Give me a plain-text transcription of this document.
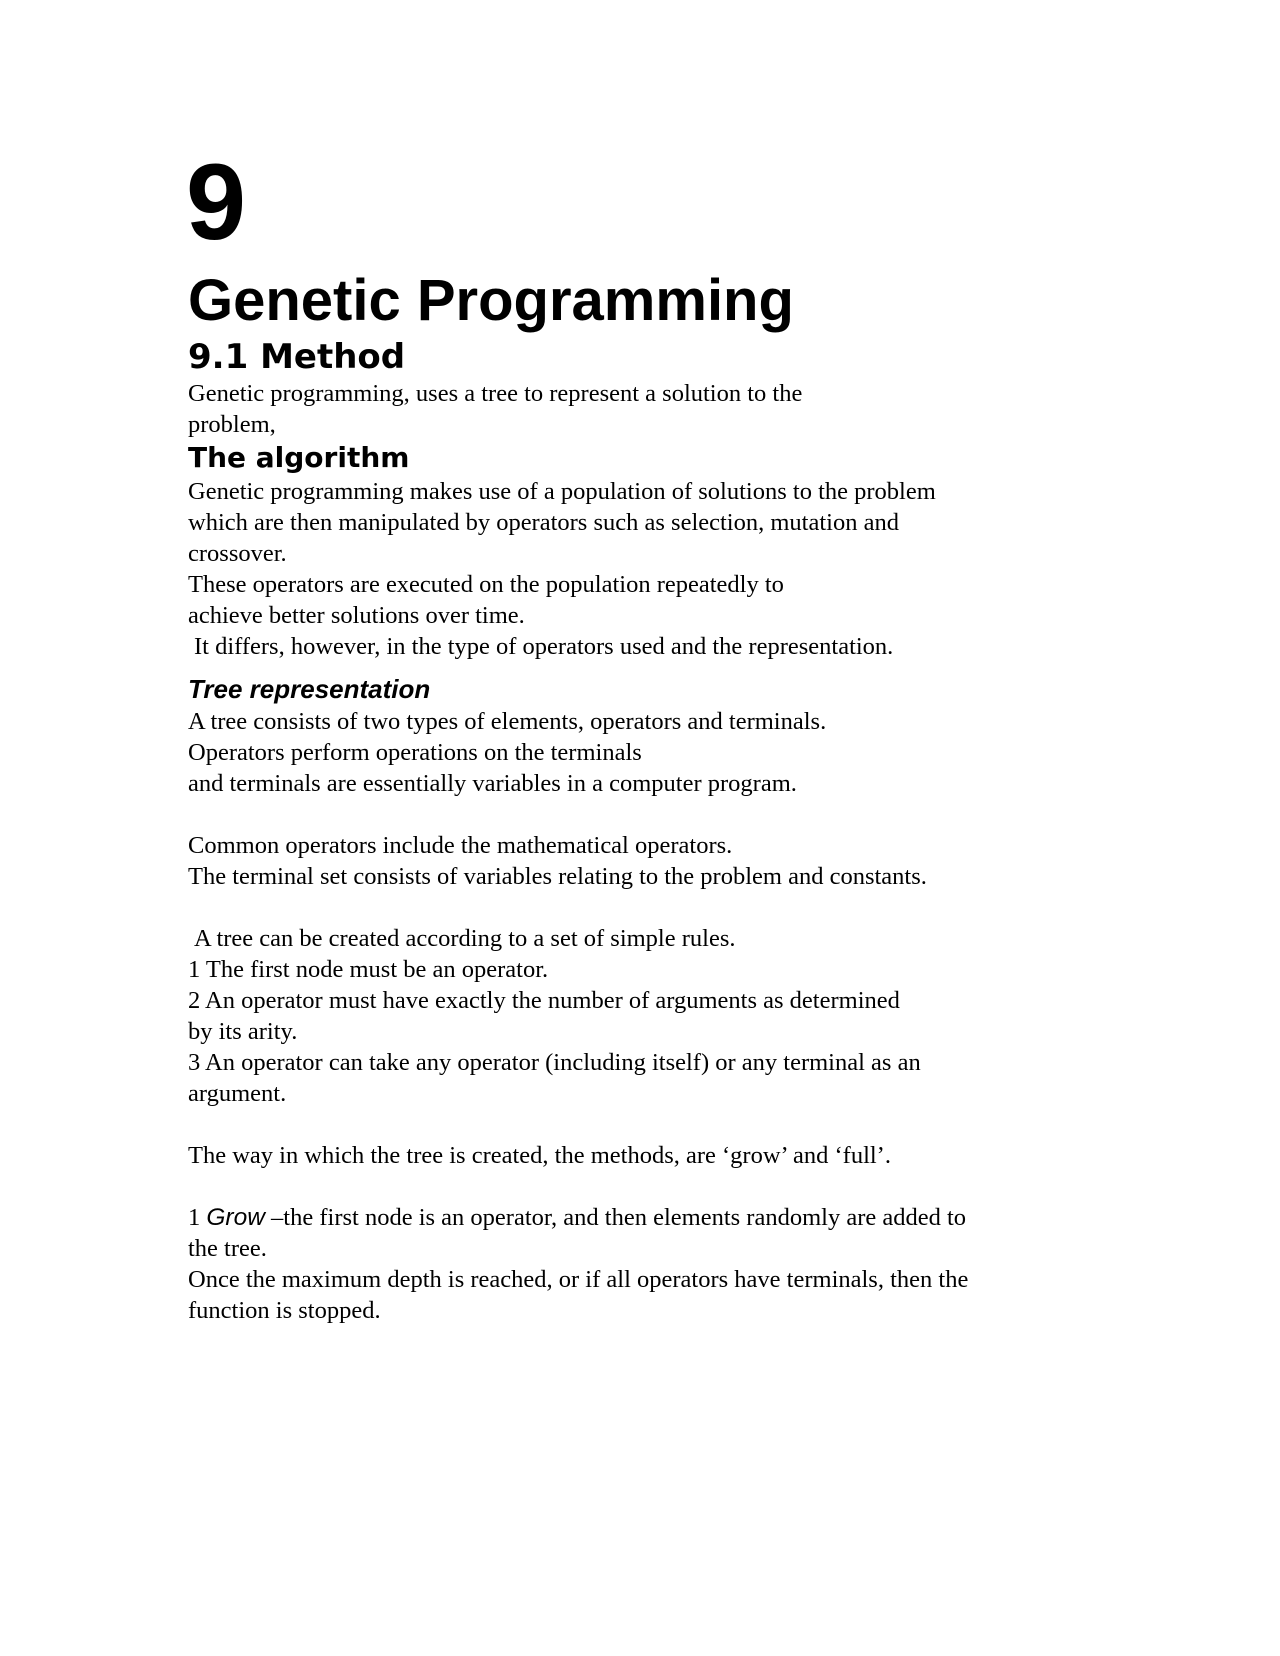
9
Genetic Programming
9.1 Method

Genetic programming, uses a tree to represent a solution to the
problem,

The algorithm

Genetic programming makes use of a population of solutions to the problem
which are then manipulated by operators such as selection, mutation and
crossover.
These operators are executed on the population repeatedly to
achieve better solutions over time.
It differs, however, in the type of operators used and the representation.

Tree representation

A tree consists of two types of elements, operators and terminals.
Operators perform operations on the terminals
and terminals are essentially variables in a computer program.

Common operators include the mathematical operators.
The terminal set consists of variables relating to the problem and constants.

A tree can be created according to a set of simple rules.
1 The first node must be an operator.
2 An operator must have exactly the number of arguments as determined
by its arity.
3 An operator can take any operator (including itself) or any terminal as an
argument.

The way in which the tree is created, the methods, are ‘grow’ and ‘full’.

1 Grow –the first node is an operator, and then elements randomly are added to
the tree.
Once the maximum depth is reached, or if all operators have terminals, then the
function is stopped.
